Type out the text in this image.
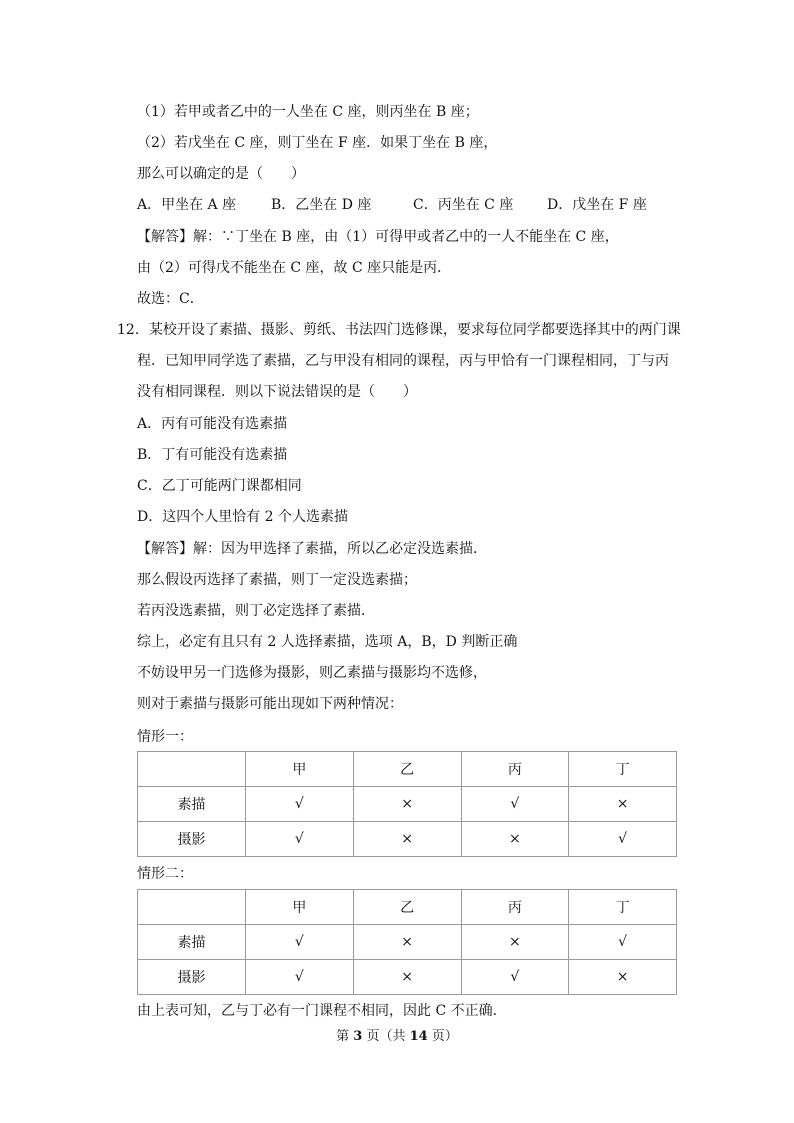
（1）若甲或者乙中的一人坐在 C 座，则丙坐在 B 座；
（2）若戊坐在 C 座，则丁坐在 F 座．如果丁坐在 B 座，
那么可以确定的是（　　）
A．甲坐在 A 座 B．乙坐在 D 座	C．丙坐在 C 座 D．戊坐在 F 座
【解答】解：∵丁坐在 B 座，由（1）可得甲或者乙中的一人不能坐在 C 座，
由（2）可得戊不能坐在 C 座，故 C 座只能是丙．
故选：C．
12．某校开设了素描、摄影、剪纸、书法四门选修课，要求每位同学都要选择其中的两门课
程．已知甲同学选了素描，乙与甲没有相同的课程，丙与甲恰有一门课程相同，丁与丙
没有相同课程．则以下说法错误的是（　　）
A．丙有可能没有选素描
B．丁有可能没有选素描
C．乙丁可能两门课都相同
D．这四个人里恰有 2 个人选素描
【解答】解：因为甲选择了素描，所以乙必定没选素描．
那么假设丙选择了素描，则丁一定没选素描；
若丙没选素描，则丁必定选择了素描．
综上，必定有且只有 2 人选择素描，选项 A，B，D 判断正确
不妨设甲另一门选修为摄影，则乙素描与摄影均不选修，
则对于素描与摄影可能出现如下两种情况：
情形一：
	甲	乙	丙	丁
素描	√	×	√	×
摄影	√	×	×	√
情形二：
	甲	乙	丙	丁
素描	√	×	×	√
摄影	√	×	√	×
由上表可知，乙与丁必有一门课程不相同，因此 C 不正确．
第 3 页（共 14 页）
